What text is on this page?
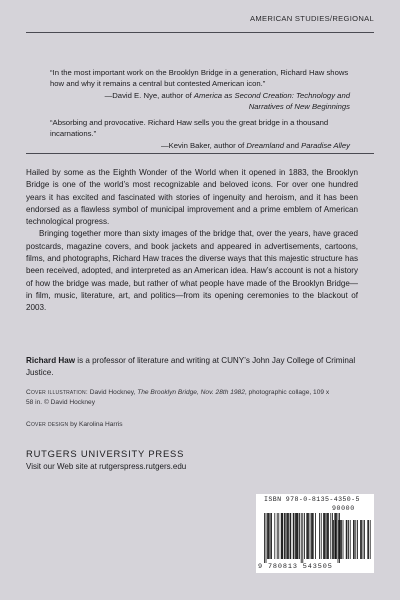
AMERICAN STUDIES/REGIONAL

“In the most important work on the Brooklyn Bridge in a generation, Richard Haw shows how and why it remains a central but contested American icon.”

—David E. Nye, author of America as Second Creation: Technology and Narratives of New Beginnings

“Absorbing and provocative. Richard Haw sells you the great bridge in a thousand incarnations.”

—Kevin Baker, author of Dreamland and Paradise Alley

Hailed by some as the Eighth Wonder of the World when it opened in 1883, the Brooklyn Bridge is one of the world’s most recognizable and beloved icons. For over one hundred years it has excited and fascinated with stories of ingenuity and heroism, and it has been endorsed as a flawless symbol of municipal improvement and a prime emblem of American technological progress.

Bringing together more than sixty images of the bridge that, over the years, have graced postcards, magazine covers, and book jackets and appeared in advertisements, cartoons, films, and photographs, Richard Haw traces the diverse ways that this majestic structure has been received, adopted, and interpreted as an American idea. Haw’s account is not a history of how the bridge was made, but rather of what people have made of the Brooklyn Bridge—in film, music, literature, art, and politics—from its opening ceremonies to the blackout of 2003.

Richard Haw is a professor of literature and writing at CUNY’s John Jay College of Criminal Justice.
Cover illustration: David Hockney, The Brooklyn Bridge, Nov. 28th 1982, photographic collage, 109 x 58 in. © David Hockney
Cover design by Karolina Harris
RUTGERS UNIVERSITY PRESS
Visit our Web site at rutgerspress.rutgers.edu
ISBN 978-0-8135-4350-5
90000
9 780813 543505
